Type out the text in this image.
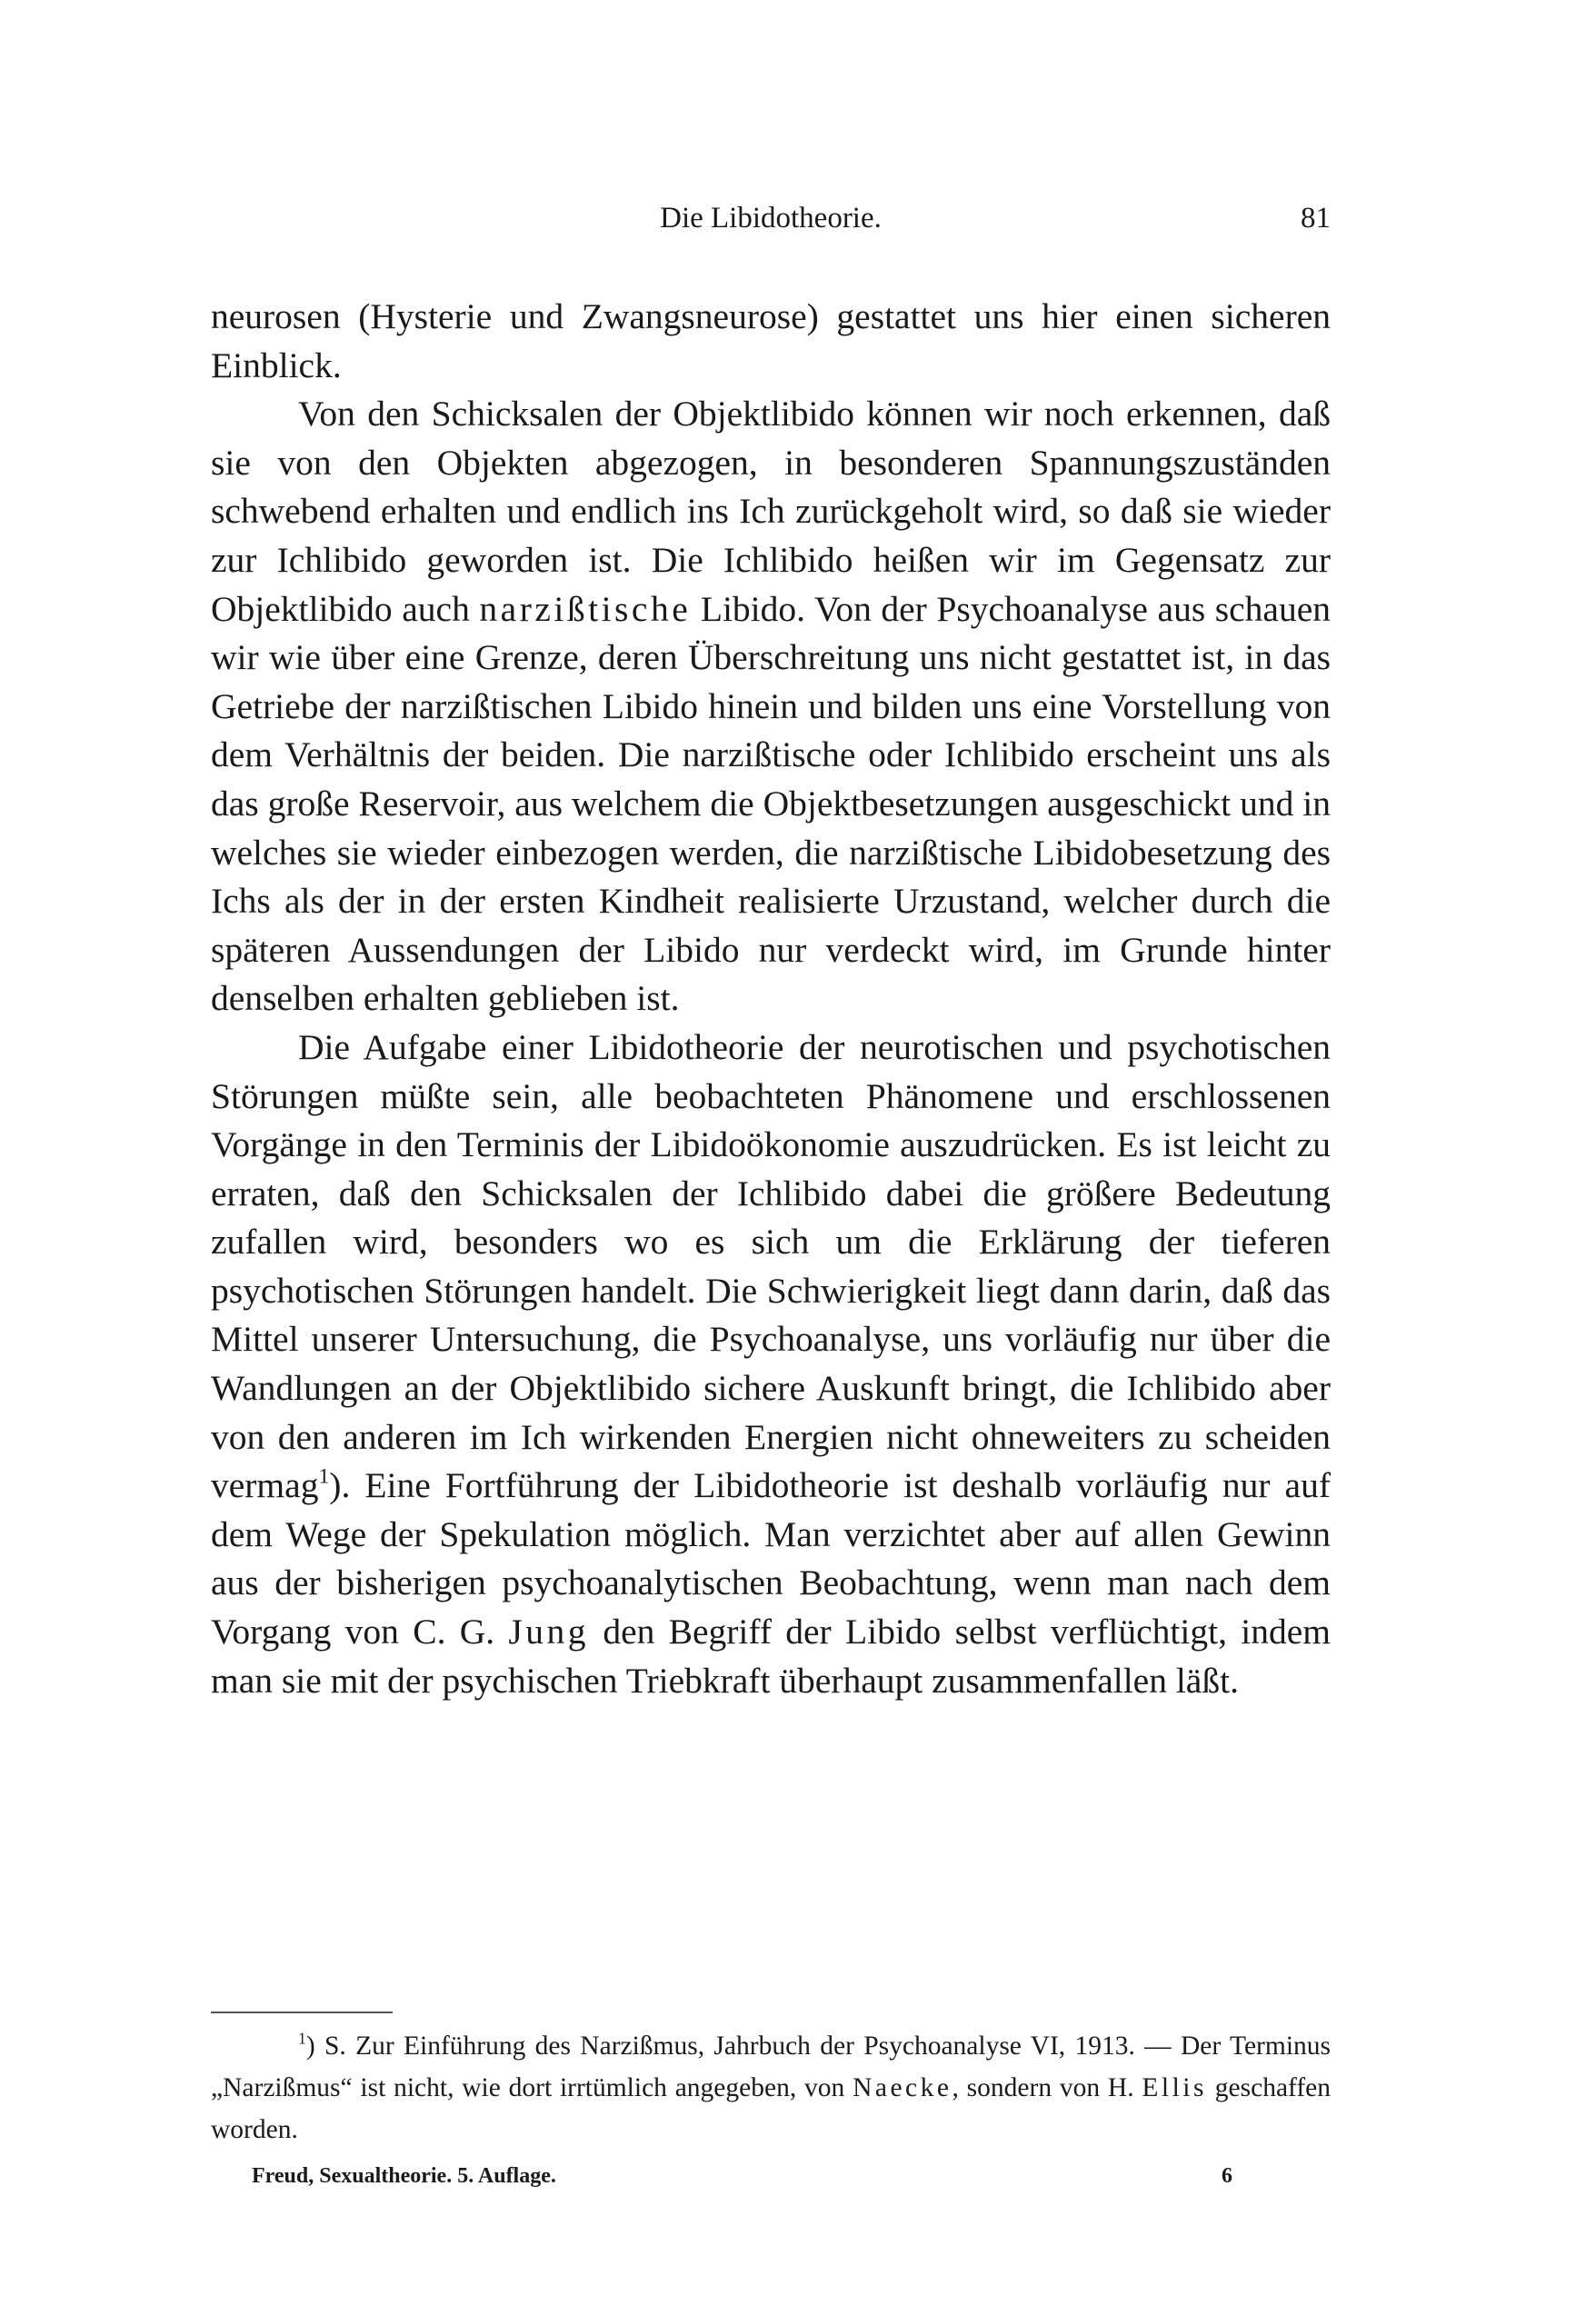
Die Libidotheorie.	81

neurosen (Hysterie und Zwangsneurose) gestattet uns hier einen sicheren Einblick.

Von den Schicksalen der Objektlibido können wir noch erkennen, daß sie von den Objekten abgezogen, in besonderen Spannungszuständen schwebend erhalten und endlich ins Ich zurückgeholt wird, so daß sie wieder zur Ichlibido geworden ist. Die Ichlibido heißen wir im Gegensatz zur Objektlibido auch narzißtische Libido. Von der Psychoanalyse aus schauen wir wie über eine Grenze, deren Überschreitung uns nicht gestattet ist, in das Getriebe der narzißtischen Libido hinein und bilden uns eine Vorstellung von dem Verhältnis der beiden. Die narzißtische oder Ichlibido erscheint uns als das große Reservoir, aus welchem die Objektbesetzungen ausgeschickt und in welches sie wieder einbezogen werden, die narzißtische Libidobesetzung des Ichs als der in der ersten Kindheit realisierte Urzustand, welcher durch die späteren Aussendungen der Libido nur verdeckt wird, im Grunde hinter denselben erhalten geblieben ist.

Die Aufgabe einer Libidotheorie der neurotischen und psychotischen Störungen müßte sein, alle beobachteten Phänomene und erschlossenen Vorgänge in den Terminis der Libidoökonomie auszudrücken. Es ist leicht zu erraten, daß den Schicksalen der Ichlibido dabei die größere Bedeutung zufallen wird, besonders wo es sich um die Erklärung der tieferen psychotischen Störungen handelt. Die Schwierigkeit liegt dann darin, daß das Mittel unserer Untersuchung, die Psychoanalyse, uns vorläufig nur über die Wandlungen an der Objektlibido sichere Auskunft bringt, die Ichlibido aber von den anderen im Ich wirkenden Energien nicht ohneweiters zu scheiden vermag$^1$). Eine Fortführung der Libidotheorie ist deshalb vorläufig nur auf dem Wege der Spekulation möglich. Man verzichtet aber auf allen Gewinn aus der bisherigen psychoanalytischen Beobachtung, wenn man nach dem Vorgang von C. G. Jung den Begriff der Libido selbst verflüchtigt, indem man sie mit der psychischen Triebkraft überhaupt zusammenfallen läßt.

$^1$) S. Zur Einführung des Narzißmus, Jahrbuch der Psychoanalyse VI, 1913. — Der Terminus „Narzißmus“ ist nicht, wie dort irrtümlich angegeben, von Naecke, sondern von H. Ellis geschaffen worden.

Freud, Sexualtheorie. 5. Auflage.	6
